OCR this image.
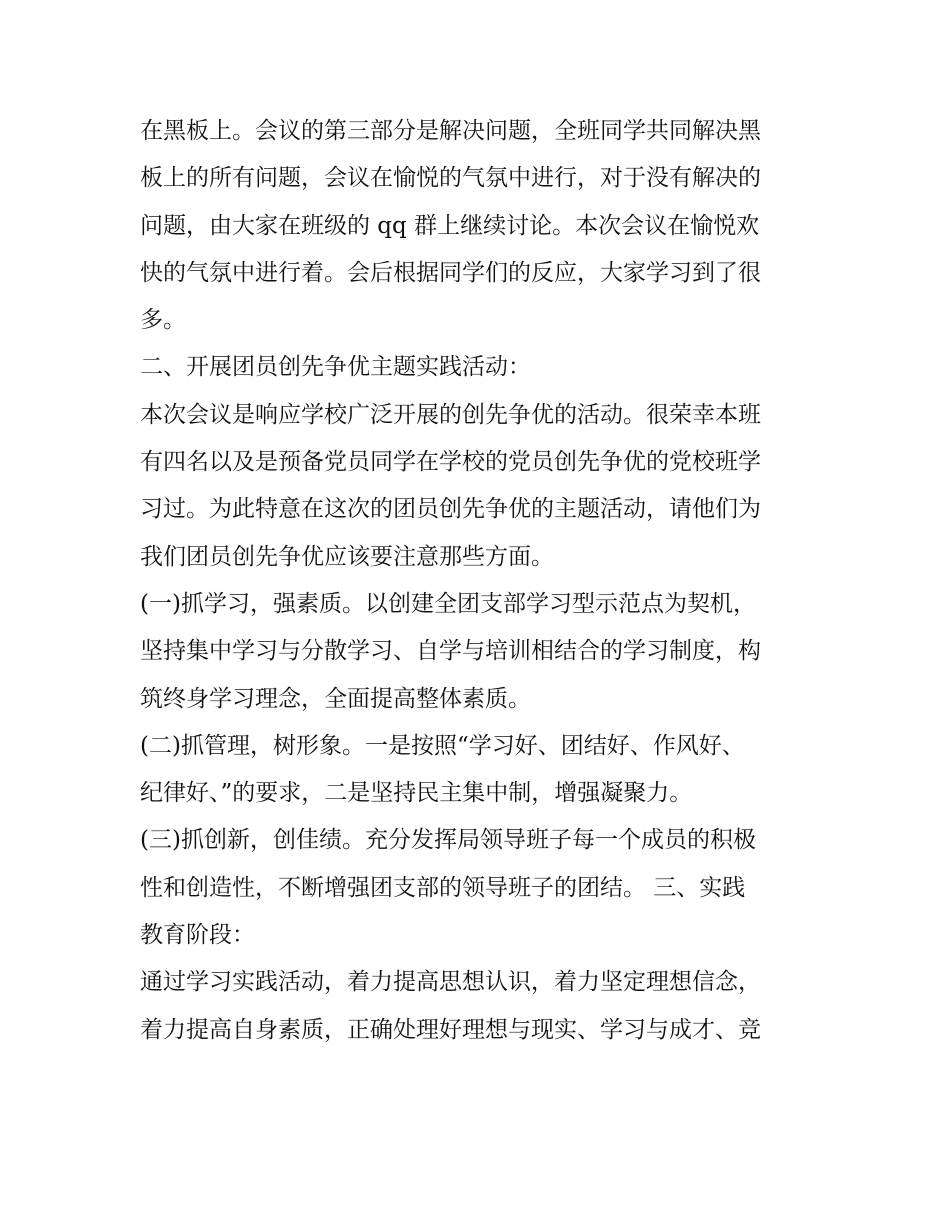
在黑板上。会议的第三部分是解决问题，全班同学共同解决黑
板上的所有问题，会议在愉悦的气氛中进行，对于没有解决的
问题，由大家在班级的 qq 群上继续讨论。本次会议在愉悦欢
快的气氛中进行着。会后根据同学们的反应，大家学习到了很
多。
二、开展团员创先争优主题实践活动：
本次会议是响应学校广泛开展的创先争优的活动。很荣幸本班
有四名以及是预备党员同学在学校的党员创先争优的党校班学
习过。为此特意在这次的团员创先争优的主题活动，请他们为
我们团员创先争优应该要注意那些方面。
(一)抓学习，强素质。以创建全团支部学习型示范点为契机，
坚持集中学习与分散学习、自学与培训相结合的学习制度，构
筑终身学习理念，全面提高整体素质。
(二)抓管理，树形象。一是按照“学习好、团结好、作风好、
纪律好、”的要求，二是坚持民主集中制，增强凝聚力。
(三)抓创新，创佳绩。充分发挥局领导班子每一个成员的积极
性和创造性，不断增强团支部的领导班子的团结。 三、实践
教育阶段：
通过学习实践活动，着力提高思想认识，着力坚定理想信念，
着力提高自身素质，正确处理好理想与现实、学习与成才、竞
